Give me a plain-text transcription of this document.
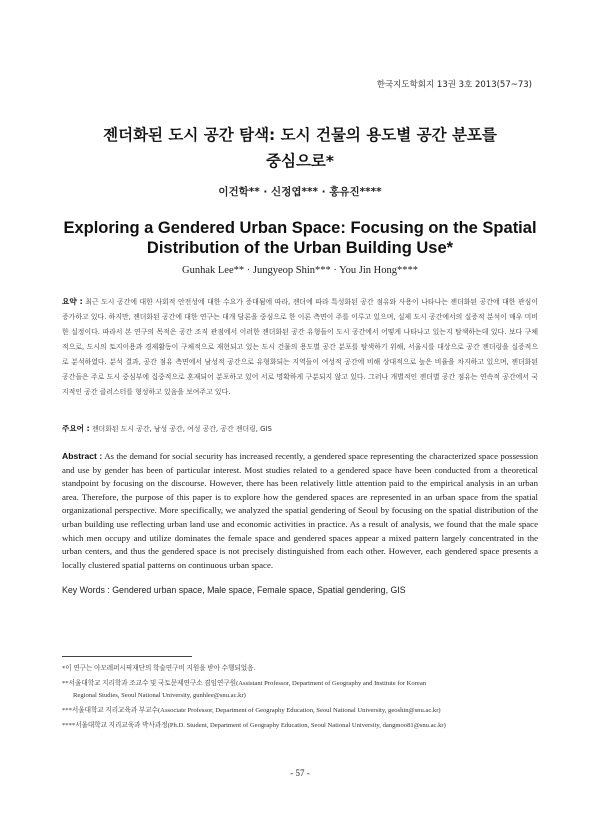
한국지도학회지 13권 3호 2013(57~73)
젠더화된 도시 공간 탐색: 도시 건물의 용도별 공간 분포를
중심으로*
이건학** · 신정엽*** · 홍유진****
Exploring a Gendered Urban Space: Focusing on the Spatial
Distribution of the Urban Building Use*
Gunhak Lee** · Jungyeop Shin*** · You Jin Hong****
요약 : 최근 도시 공간에 대한 사회적 안전성에 대한 수요가 증대됨에 따라, 젠더에 따라 특성화된 공간 점유와 사용이 나타나는 젠더화된 공간에 대한 관심이 증가하고 있다. 하지만, 젠더화된 공간에 대한 연구는 대개 담론을 중심으로 한 이론 측면이 주를 이루고 있으며, 실제 도시 공간에서의 실증적 분석이 매우 미비한 실정이다. 따라서 본 연구의 목적은 공간 조직 관점에서 이러한 젠더화된 공간 유형들이 도시 공간에서 어떻게 나타나고 있는지 탐색하는데 있다. 보다 구체적으로, 도시의 토지이용과 경제활동이 구체적으로 재현되고 있는 도시 건물의 용도별 공간 분포를 탐색하기 위해, 서울시를 대상으로 공간 젠더링을 실증적으로 분석하였다. 분석 결과, 공간 점유 측면에서 남성적 공간으로 유형화되는 지역들이 여성적 공간에 비해 상대적으로 높은 비율을 차지하고 있으며, 젠더화된 공간들은 주로 도시 중심부에 집중적으로 혼재되어 분포하고 있어 서로 명확하게 구분되지 않고 있다. 그러나 개별적인 젠더별 공간 점유는 연속적 공간에서 국지적인 공간 클러스터를 형성하고 있음을 보여주고 있다.
주요어 : 젠더화된 도시 공간, 남성 공간, 여성 공간, 공간 젠더링, GIS
Abstract : As the demand for social security has increased recently, a gendered space representing the characterized space possession and use by gender has been of particular interest. Most studies related to a gendered space have been conducted from a theoretical standpoint by focusing on the discourse. However, there has been relatively little attention paid to the empirical analysis in an urban area. Therefore, the purpose of this paper is to explore how the gendered spaces are represented in an urban space from the spatial organizational perspective. More specifically, we analyzed the spatial gendering of Seoul by focusing on the spatial distribution of the urban building use reflecting urban land use and economic activities in practice. As a result of analysis, we found that the male space which men occupy and utilize dominates the female space and gendered spaces appear a mixed pattern largely concentrated in the urban centers, and thus the gendered space is not precisely distinguished from each other. However, each gendered space presents a locally clustered spatial patterns on continuous urban space.
Key Words : Gendered urban space, Male space, Female space, Spatial gendering, GIS
*이 연구는 아모레퍼시픽재단의 학술연구비 지원을 받아 수행되었음.
**서울대학교 지리학과 조교수 및 국토문제연구소 겸임연구원(Assistant Professor, Department of Geography and Institute for Korean
Regional Studies, Seoul National University, gunhlee@snu.ac.kr)
***서울대학교 지리교육과 부교수(Associate Professor, Department of Geography Education, Seoul National University, geoshin@snu.ac.kr)
****서울대학교 지리교육과 박사과정(Ph.D. Student, Department of Geography Education, Seoul National University, dangmoo81@snu.ac.kr)
- 57 -
